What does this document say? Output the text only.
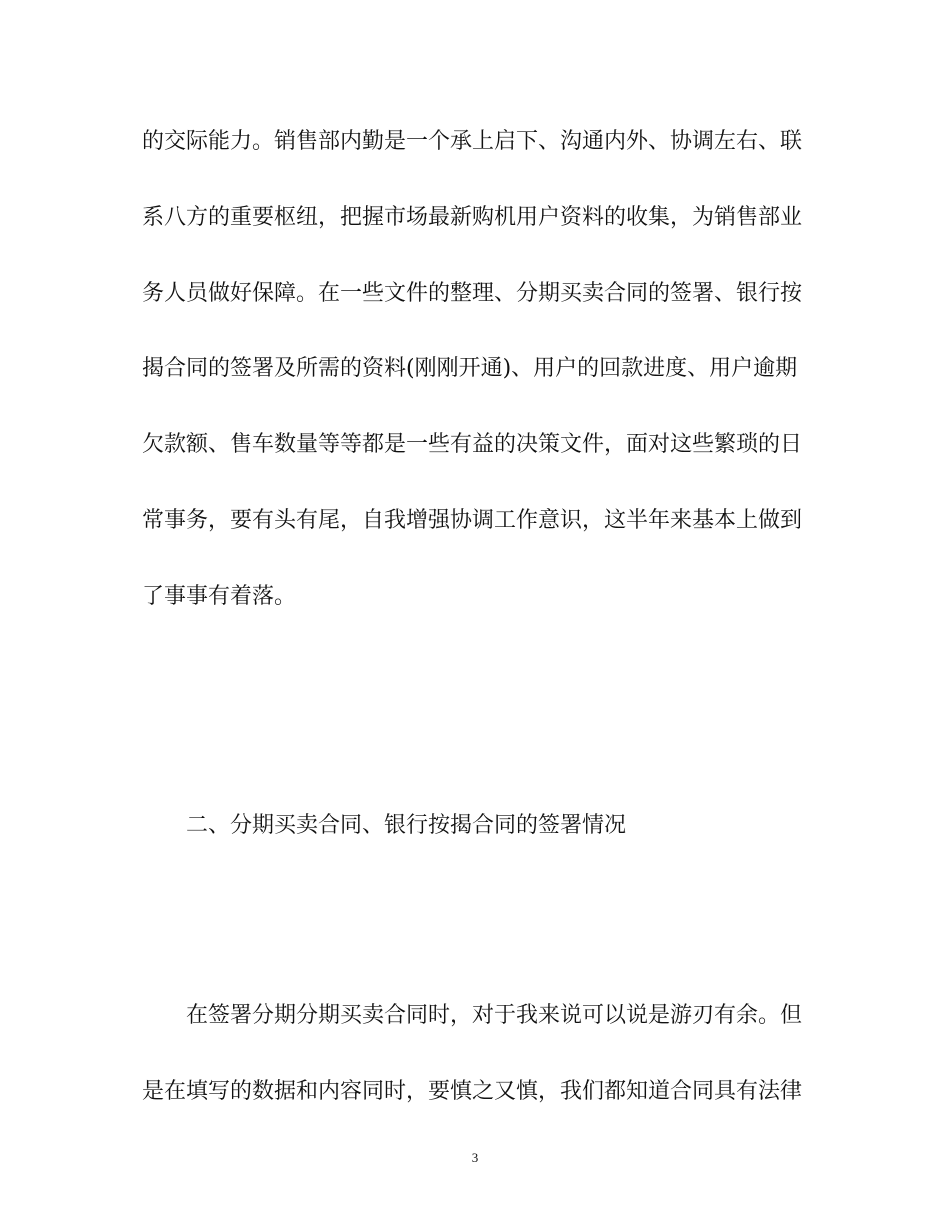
的交际能力。销售部内勤是一个承上启下、沟通内外、协调左右、联
系八方的重要枢纽，把握市场最新购机用户资料的收集，为销售部业
务人员做好保障。在一些文件的整理、分期买卖合同的签署、银行按
揭合同的签署及所需的资料(刚刚开通)、用户的回款进度、用户逾期
欠款额、售车数量等等都是一些有益的决策文件，面对这些繁琐的日
常事务，要有头有尾，自我增强协调工作意识，这半年来基本上做到
了事事有着落。
二、分期买卖合同、银行按揭合同的签署情况
在签署分期分期买卖合同时，对于我来说可以说是游刃有余。但
是在填写的数据和内容同时，要慎之又慎，我们都知道合同具有法律
3
